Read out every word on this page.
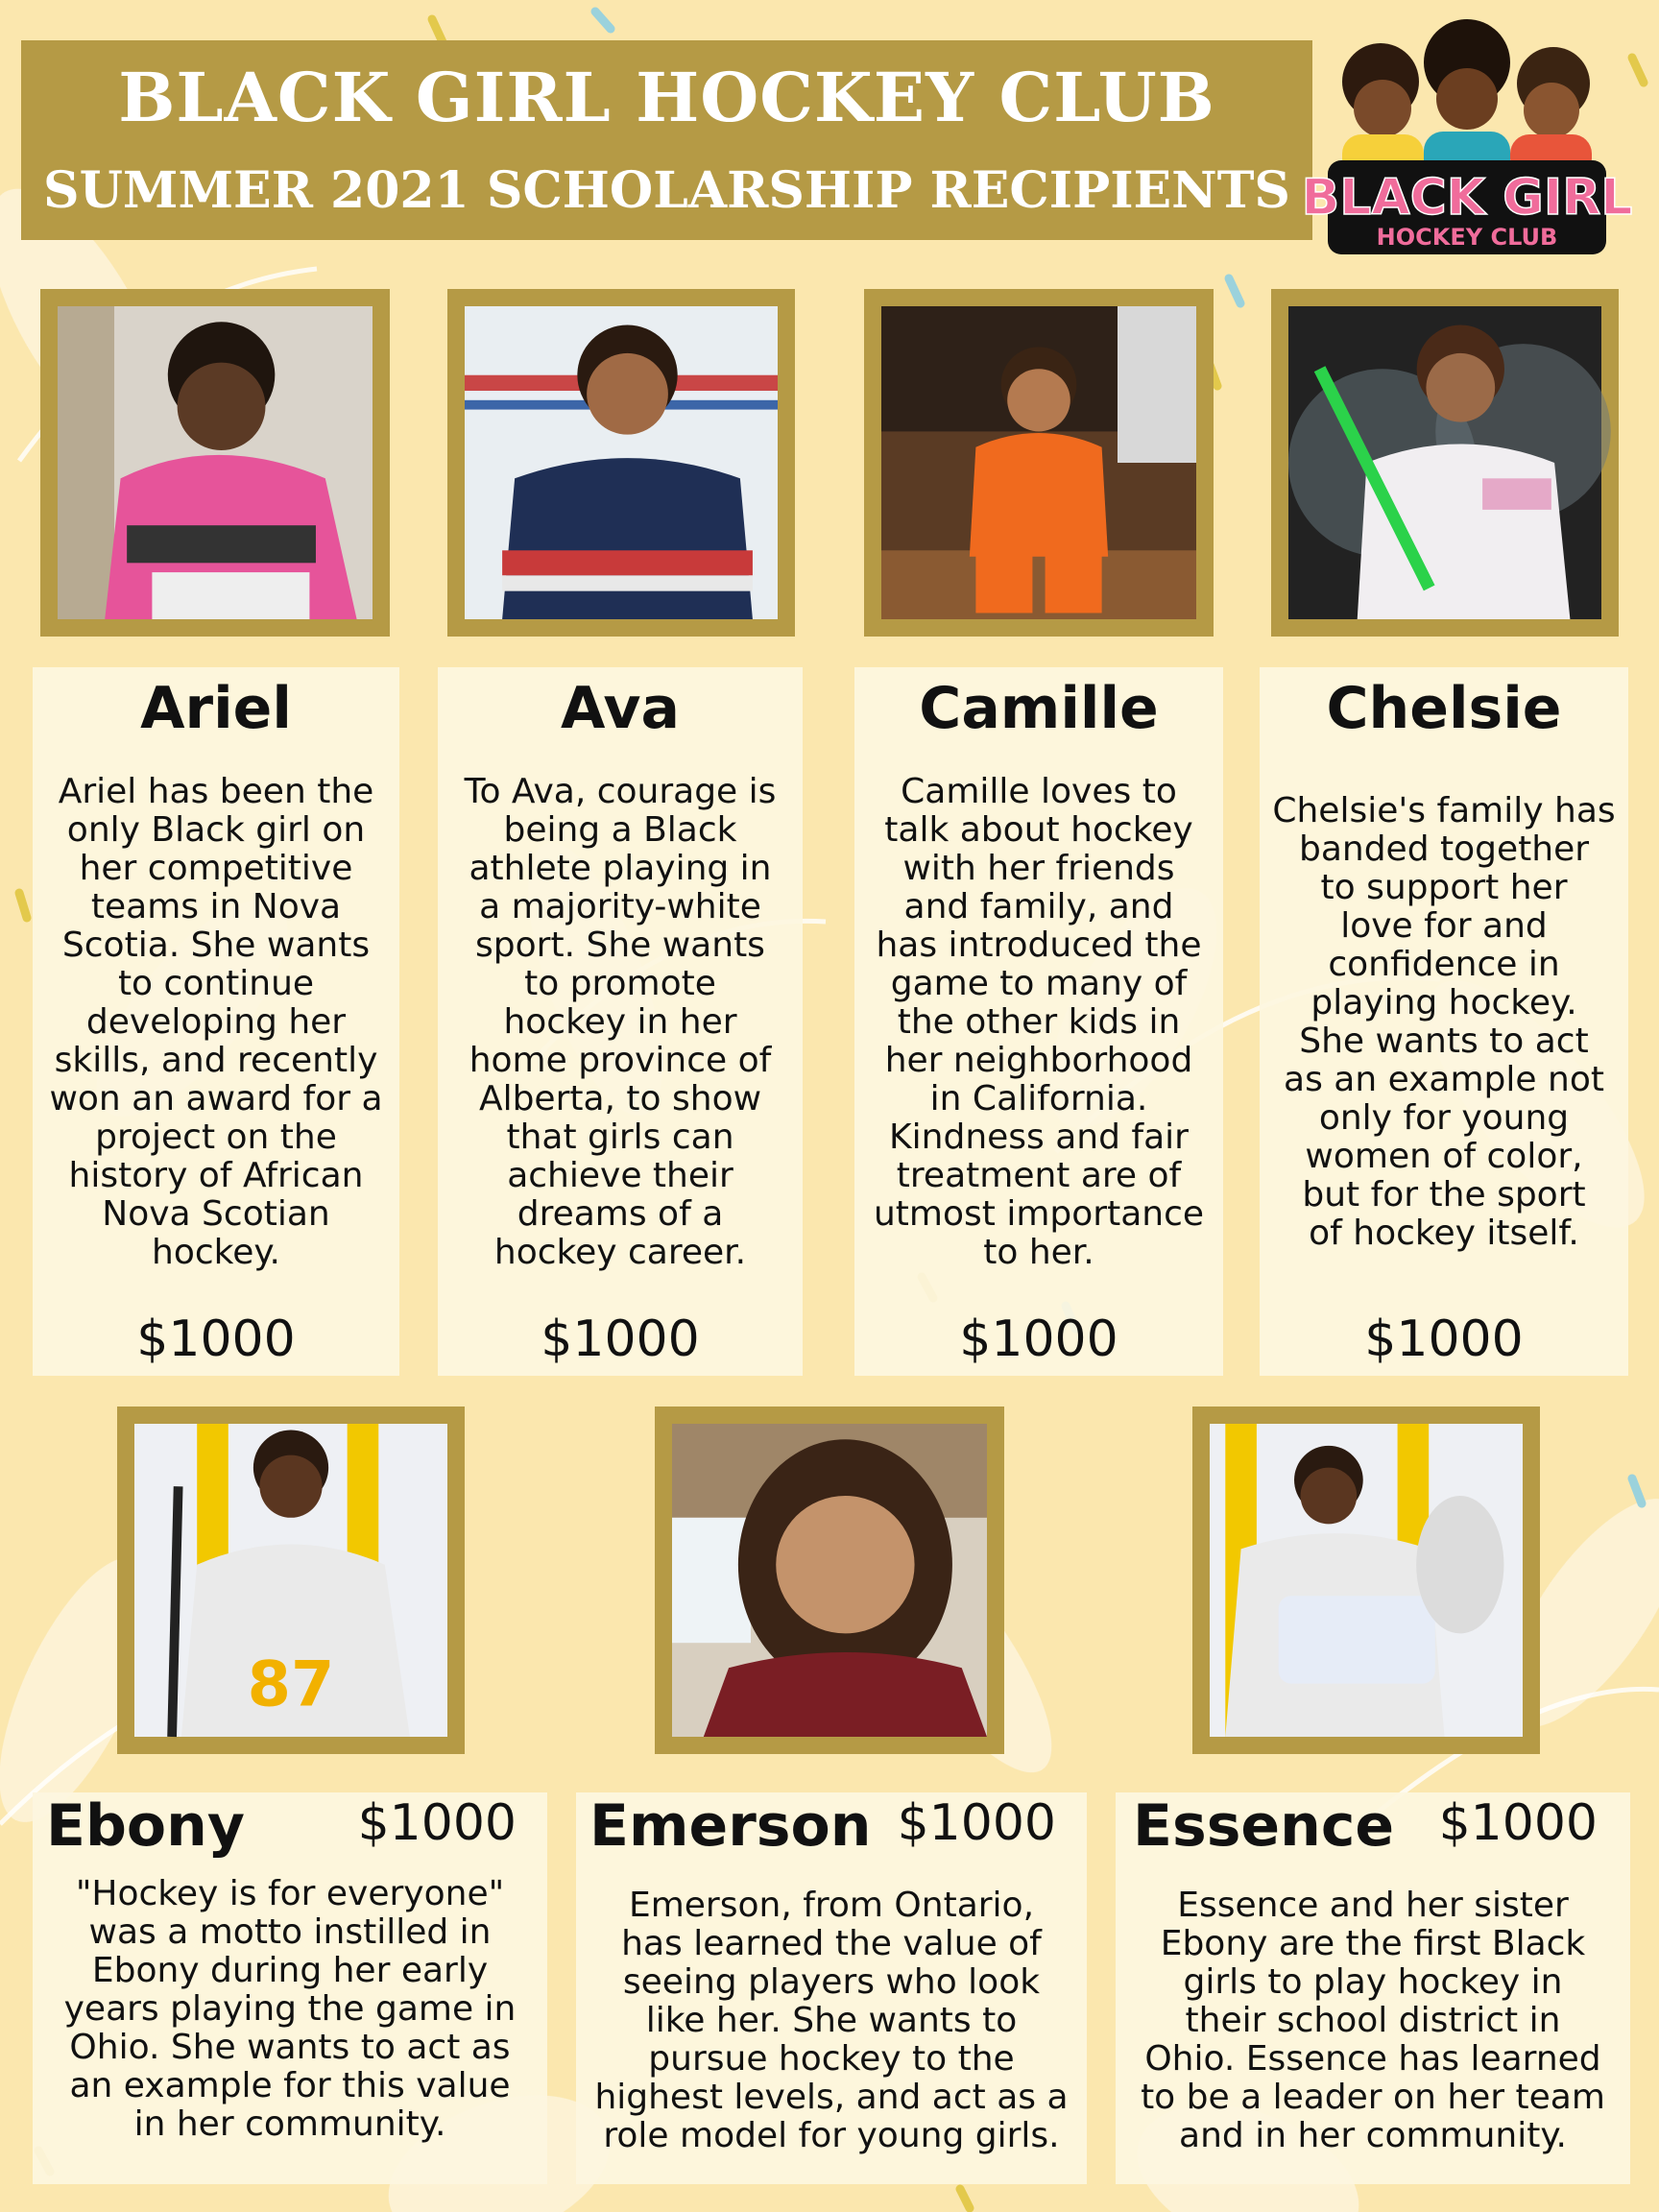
BLACK GIRL HOCKEY CLUB
SUMMER 2021 SCHOLARSHIP RECIPIENTS BLACK GIRL
HOCKEY CLUB
Ariel
Ariel has been the
only Black girl on
her competitive
teams in Nova
Scotia. She wants
to continue
developing her
skills, and recently
won an award for a
project on the
history of African
Nova Scotian
hockey.
$1000
Ava
To Ava, courage is
being a Black
athlete playing in
a majority-white
sport. She wants
to promote
hockey in her
home province of
Alberta, to show
that girls can
achieve their
dreams of a
hockey career.
$1000
Camille
Camille loves to
talk about hockey
with her friends
and family, and
has introduced the
game to many of
the other kids in
her neighborhood
in California.
Kindness and fair
treatment are of
utmost importance
to her.
$1000
Chelsie
Chelsie's family has
banded together
to support her
love for and
confidence in
playing hockey.
She wants to act
as an example not
only for young
women of color,
but for the sport
of hockey itself.
$1000
87
Ebony $1000
"Hockey is for everyone"
was a motto instilled in
Ebony during her early
years playing the game in
Ohio. She wants to act as
an example for this value
in her community.
Emerson $1000
Emerson, from Ontario,
has learned the value of
seeing players who look
like her. She wants to
pursue hockey to the
highest levels, and act as a
role model for young girls.
Essence $1000
Essence and her sister
Ebony are the first Black
girls to play hockey in
their school district in
Ohio. Essence has learned
to be a leader on her team
and in her community.
